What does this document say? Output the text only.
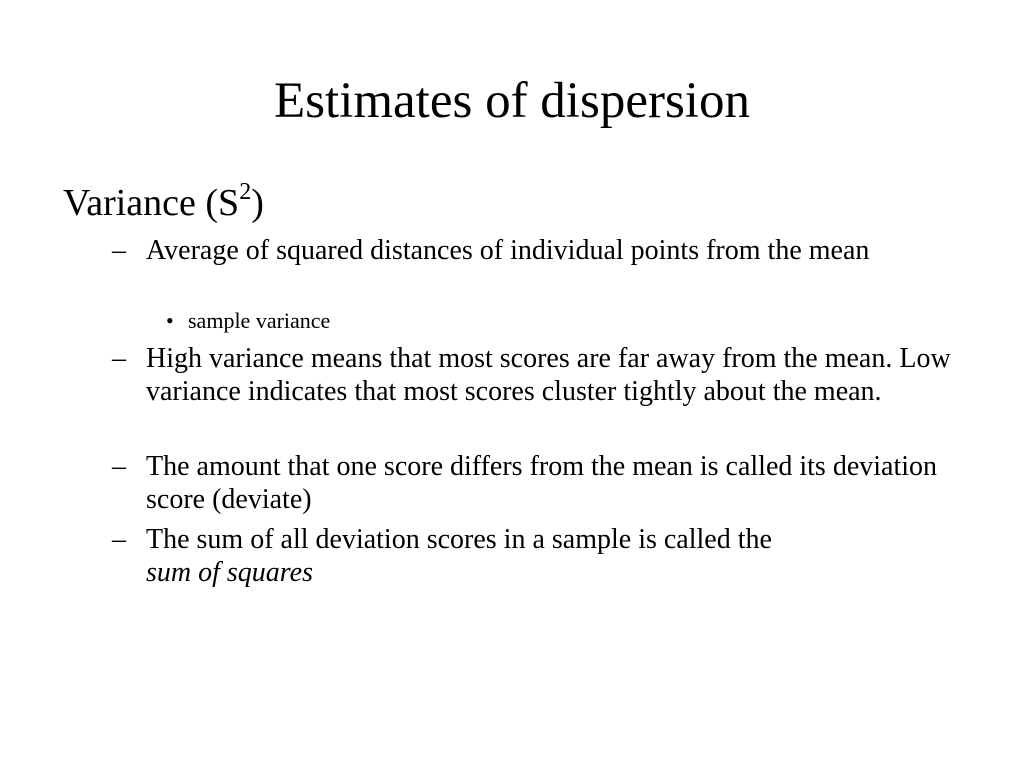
Estimates of dispersion
Variance $(S^2)$
– Average of squared distances of individual points from the mean
• sample variance
– High variance means that most scores are far away from the mean. Low variance indicates that most scores cluster tightly about the mean.
– The amount that one score differs from the mean is called its deviation score (deviate)
– The sum of all deviation scores in a sample is called the
sum of squares
